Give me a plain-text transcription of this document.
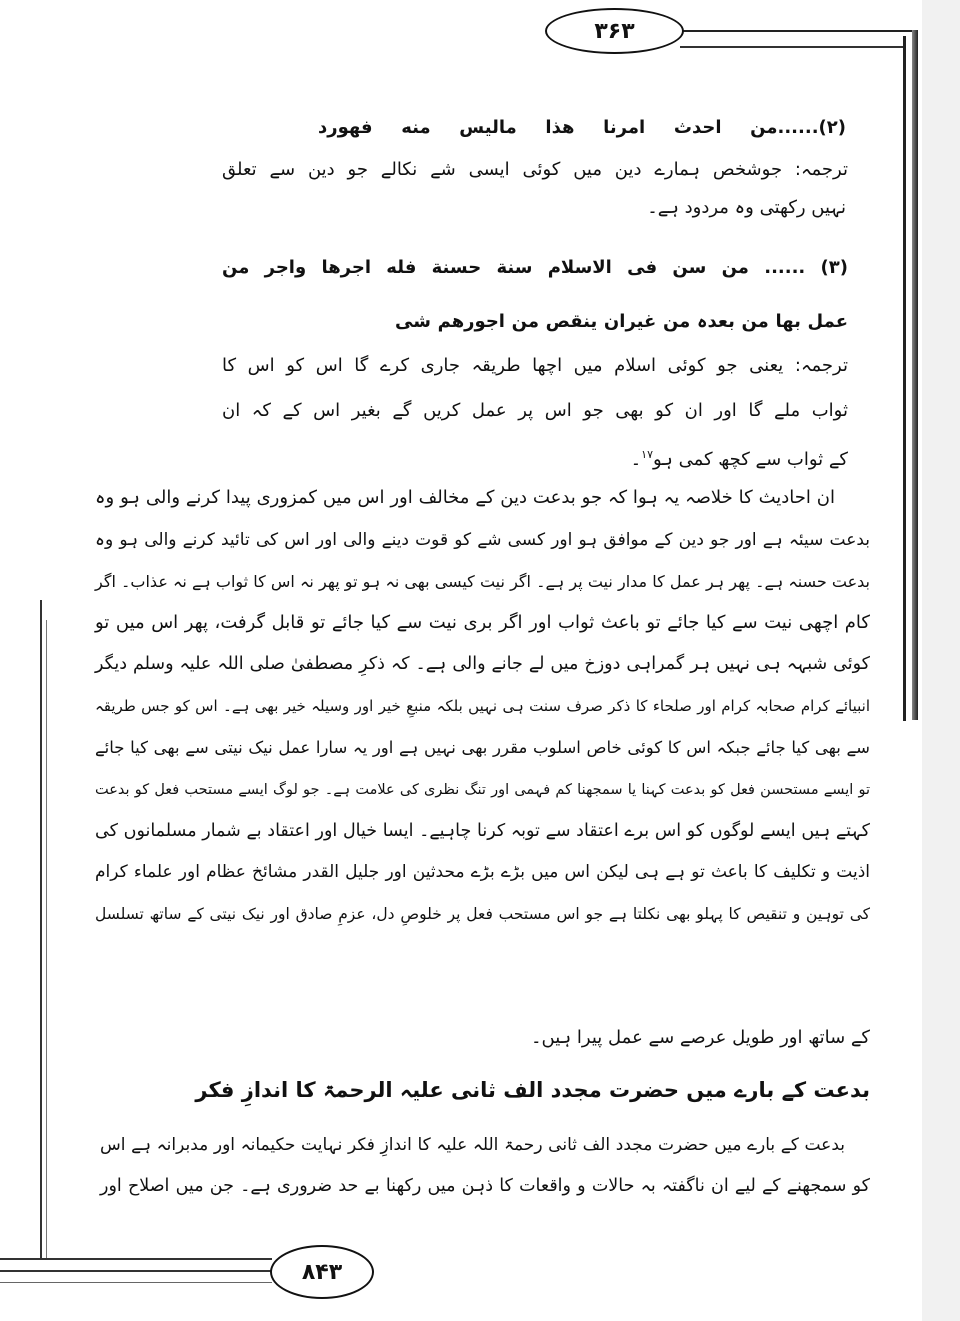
۳۶۳
۸۴۳
(۲)......من احدث امرنا هذا مالیس منه فهورد
ترجمہ: جوشخص ہمارے دین میں کوئی ایسی شے نکالے جو دین سے تعلق
نہیں رکھتی وہ مردود ہے۔
(۳) ...... من سن فی الاسلام سنة حسنة فله اجرھا واجر من
عمل بھا من بعدہ من غیران ینقص من اجورھم شی
ترجمہ: یعنی جو کوئی اسلام میں اچھا طریقہ جاری کرے گا اس کو اس کا
ثواب ملے گا اور ان کو بھی جو اس پر عمل کریں گے بغیر اس کے کہ ان
کے ثواب سے کچھ کمی ہو$^{۱۷}$۔
ان احادیث کا خلاصہ یہ ہوا کہ جو بدعت دین کے مخالف اور اس میں کمزوری پیدا کرنے والی ہو وہ
بدعت سیئہ ہے اور جو دین کے موافق ہو اور کسی شے کو قوت دینے والی اور اس کی تائید کرنے والی ہو وہ
بدعت حسنہ ہے۔ پھر ہر عمل کا مدار نیت پر ہے۔ اگر نیت کیسی بھی نہ ہو تو پھر نہ اس کا ثواب ہے نہ عذاب۔ اگر
کام اچھی نیت سے کیا جائے تو باعث ثواب اور اگر بری نیت سے کیا جائے تو قابل گرفت، پھر اس میں تو
کوئی شبہہ ہی نہیں ہر گمراہی دوزخ میں لے جانے والی ہے۔ کہ ذکرِ مصطفیٰ صلی اللہ علیہ وسلم دیگر
انبیائے کرام صحابہ کرام اور صلحاء کا ذکر صرف سنت ہی نہیں بلکہ منبعِ خیر اور وسیلہ خیر بھی ہے۔ اس کو جس طریقہ
سے بھی کیا جائے جبکہ اس کا کوئی خاص اسلوب مقرر بھی نہیں ہے اور یہ سارا عمل نیک نیتی سے بھی کیا جائے
تو ایسے مستحسن فعل کو بدعت کہنا یا سمجھنا کم فہمی اور تنگ نظری کی علامت ہے۔ جو لوگ ایسے مستحب فعل کو بدعت
کہتے ہیں ایسے لوگوں کو اس برے اعتقاد سے توبہ کرنا چاہیے۔ ایسا خیال اور اعتقاد بے شمار مسلمانوں کی
اذیت و تکلیف کا باعث تو ہے ہی لیکن اس میں بڑے بڑے محدثین اور جلیل القدر مشائخ عظام اور علماء کرام
کی توہین و تنقیص کا پہلو بھی نکلتا ہے جو اس مستحب فعل پر خلوصِ دل، عزمِ صادق اور نیک نیتی کے ساتھ تسلسل
کے ساتھ اور طویل عرصے سے عمل پیرا ہیں۔
بدعت کے بارے میں حضرت مجدد الف ثانی علیہ الرحمۃ کا اندازِ فکر
بدعت کے بارے میں حضرت مجدد الف ثانی رحمۃ اللہ علیہ کا اندازِ فکر نہایت حکیمانہ اور مدبرانہ ہے اس
کو سمجھنے کے لیے ان ناگفتہ بہ حالات و واقعات کا ذہن میں رکھنا بے حد ضروری ہے۔ جن میں اصلاح اور
